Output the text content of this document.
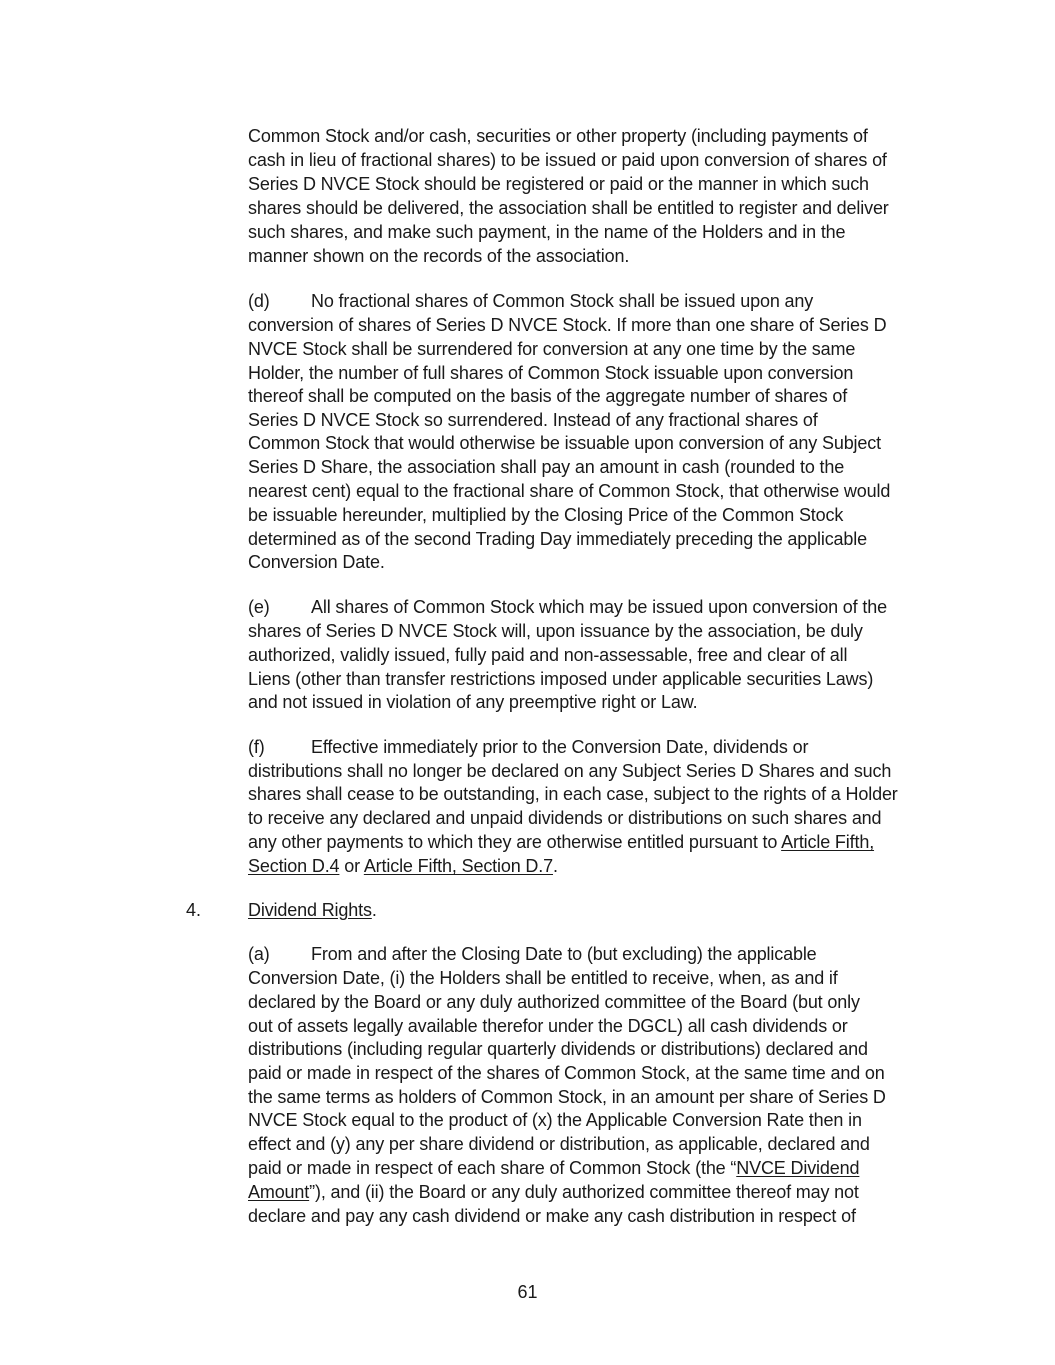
Common Stock and/or cash, securities or other property (including payments of
cash in lieu of fractional shares) to be issued or paid upon conversion of shares of
Series D NVCE Stock should be registered or paid or the manner in which such
shares should be delivered, the association shall be entitled to register and deliver
such shares, and make such payment, in the name of the Holders and in the
manner shown on the records of the association.
(d) No fractional shares of Common Stock shall be issued upon any
conversion of shares of Series D NVCE Stock. If more than one share of Series D
NVCE Stock shall be surrendered for conversion at any one time by the same
Holder, the number of full shares of Common Stock issuable upon conversion
thereof shall be computed on the basis of the aggregate number of shares of
Series D NVCE Stock so surrendered. Instead of any fractional shares of
Common Stock that would otherwise be issuable upon conversion of any Subject
Series D Share, the association shall pay an amount in cash (rounded to the
nearest cent) equal to the fractional share of Common Stock, that otherwise would
be issuable hereunder, multiplied by the Closing Price of the Common Stock
determined as of the second Trading Day immediately preceding the applicable
Conversion Date.
(e) All shares of Common Stock which may be issued upon conversion of the
shares of Series D NVCE Stock will, upon issuance by the association, be duly
authorized, validly issued, fully paid and non-assessable, free and clear of all
Liens (other than transfer restrictions imposed under applicable securities Laws)
and not issued in violation of any preemptive right or Law.
(f)	Effective immediately prior to the Conversion Date, dividends or
distributions shall no longer be declared on any Subject Series D Shares and such
shares shall cease to be outstanding, in each case, subject to the rights of a Holder
to receive any declared and unpaid dividends or distributions on such shares and
any other payments to which they are otherwise entitled pursuant to Article Fifth,
Section D.4 or Article Fifth, Section D.7.
4.	Dividend Rights.
(a) From and after the Closing Date to (but excluding) the applicable
Conversion Date, (i) the Holders shall be entitled to receive, when, as and if
declared by the Board or any duly authorized committee of the Board (but only
out of assets legally available therefor under the DGCL) all cash dividends or
distributions (including regular quarterly dividends or distributions) declared and
paid or made in respect of the shares of Common Stock, at the same time and on
the same terms as holders of Common Stock, in an amount per share of Series D
NVCE Stock equal to the product of (x) the Applicable Conversion Rate then in
effect and (y) any per share dividend or distribution, as applicable, declared and
paid or made in respect of each share of Common Stock (the “NVCE Dividend
Amount”), and (ii) the Board or any duly authorized committee thereof may not
declare and pay any cash dividend or make any cash distribution in respect of
61
